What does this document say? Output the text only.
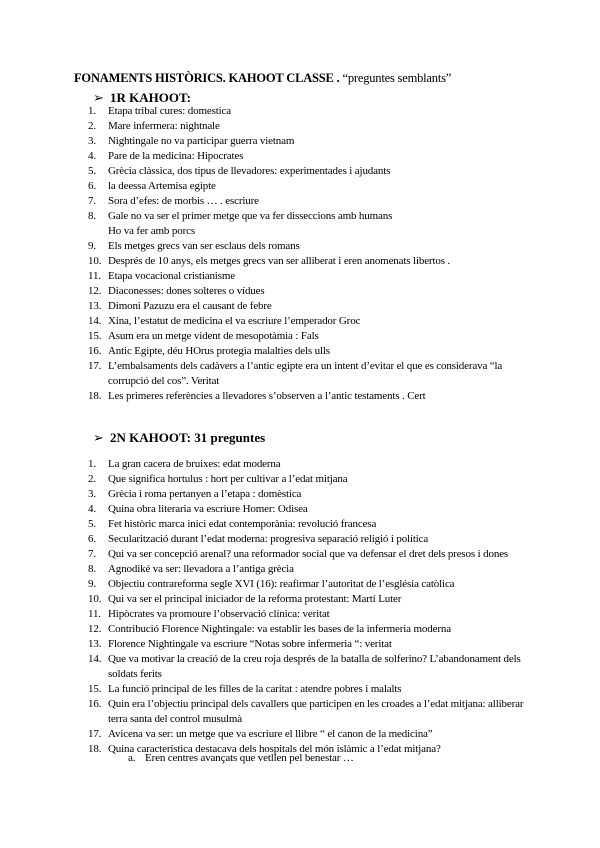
FONAMENTS HISTÒRICS. KAHOOT CLASSE . “preguntes semblants”
➢ 1R KAHOOT:
1. Etapa tribal cures: domestica
2. Mare infermera: nightnale
3. Nightingale no va participar guerra vietnam
4. Pare de la medicina: Hipocrates
5. Grècia clàssica, dos tipus de llevadores: experimentades i ajudants
6. la deessa Artemisa egipte
7. Sora d’efes: de morbis … . escriure
8. Gale no va ser el primer metge que va fer disseccions amb humans
Ho va fer amb porcs
9. Els metges grecs van ser esclaus dels romans
10. Després de 10 anys, els metges grecs van ser alliberat i eren anomenats libertos .
11. Etapa vocacional cristianisme
12. Diaconesses: dones solteres o vídues
13. Dimoni Pazuzu era el causant de febre
14. Xina, l’estatut de medicina el va escriure l’emperador Groc
15. Asum era un metge vident de mesopotàmia : Fals
16. Antic Egipte, déu HOrus protegia malalties dels ulls
17. L’embalsaments dels cadàvers a l’antic egipte era un intent d’evitar el que es considerava “la corrupció del cos”. Veritat
18. Les primeres referències a llevadores s’observen a l’antic testaments . Cert
➢ 2N KAHOOT: 31 preguntes
1. La gran cacera de bruixes: edat moderna
2. Que significa hortulus : hort per cultivar a l’edat mitjana
3. Grècia i roma pertanyen a l’etapa : domèstica
4. Quina obra literaria va escriure Homer: Odisea
5. Fet històric marca inici edat contemporània: revolució francesa
6. Secularització durant l’edat moderna: progresiva separació religió i política
7. Qui va ser concepció arenal? una reformador social que va defensar el dret dels presos i dones
8. Agnodiké va ser: llevadora a l’antiga grècia
9. Objectiu contrareforma segle XVI (16): reafirmar l’autoritat de l’església catòlica
10. Qui va ser el principal iniciador de la reforma protestant: Martí Luter
11. Hipòcrates va promoure l’observació clínica: veritat
12. Contribució Florence Nightingale: va establir les bases de la infermeria moderna
13. Florence Nightingale va escriure “Notas sobre infermeria “: veritat
14. Que va motivar la creació de la creu roja després de la batalla de solferino? L’abandonament dels soldats ferits
15. La funció principal de les filles de la caritat : atendre pobres i malalts
16. Quin era l’objectiu principal dels cavallers que participen en les croades a l’edat mitjana: alliberar terra santa del control musulmà
17. Avicena va ser: un metge que va escriure el llibre “ el canon de la medicina”
18. Quina característica destacava dels hospitals del món islàmic a l’edat mitjana?
a. Eren centres avançats que vetllen pel benestar …
